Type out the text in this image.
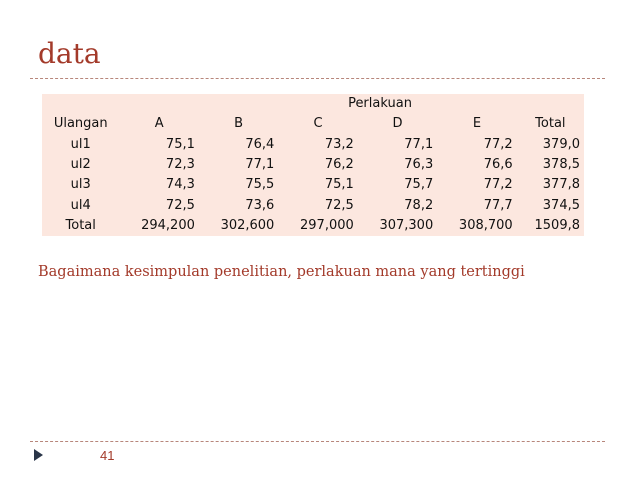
data
Perlakuan						
Ulangan	A	B	C	D	E	Total
ul1	75,1	76,4	73,2	77,1	77,2	379,0
ul2	72,3	77,1	76,2	76,3	76,6	378,5
ul3	74,3	75,5	75,1	75,7	77,2	377,8
ul4	72,5	73,6	72,5	78,2	77,7	374,5
Total	294,200	302,600	297,000	307,300	308,700	1509,8
Bagaimana kesimpulan penelitian, perlakuan mana yang tertinggi
41
